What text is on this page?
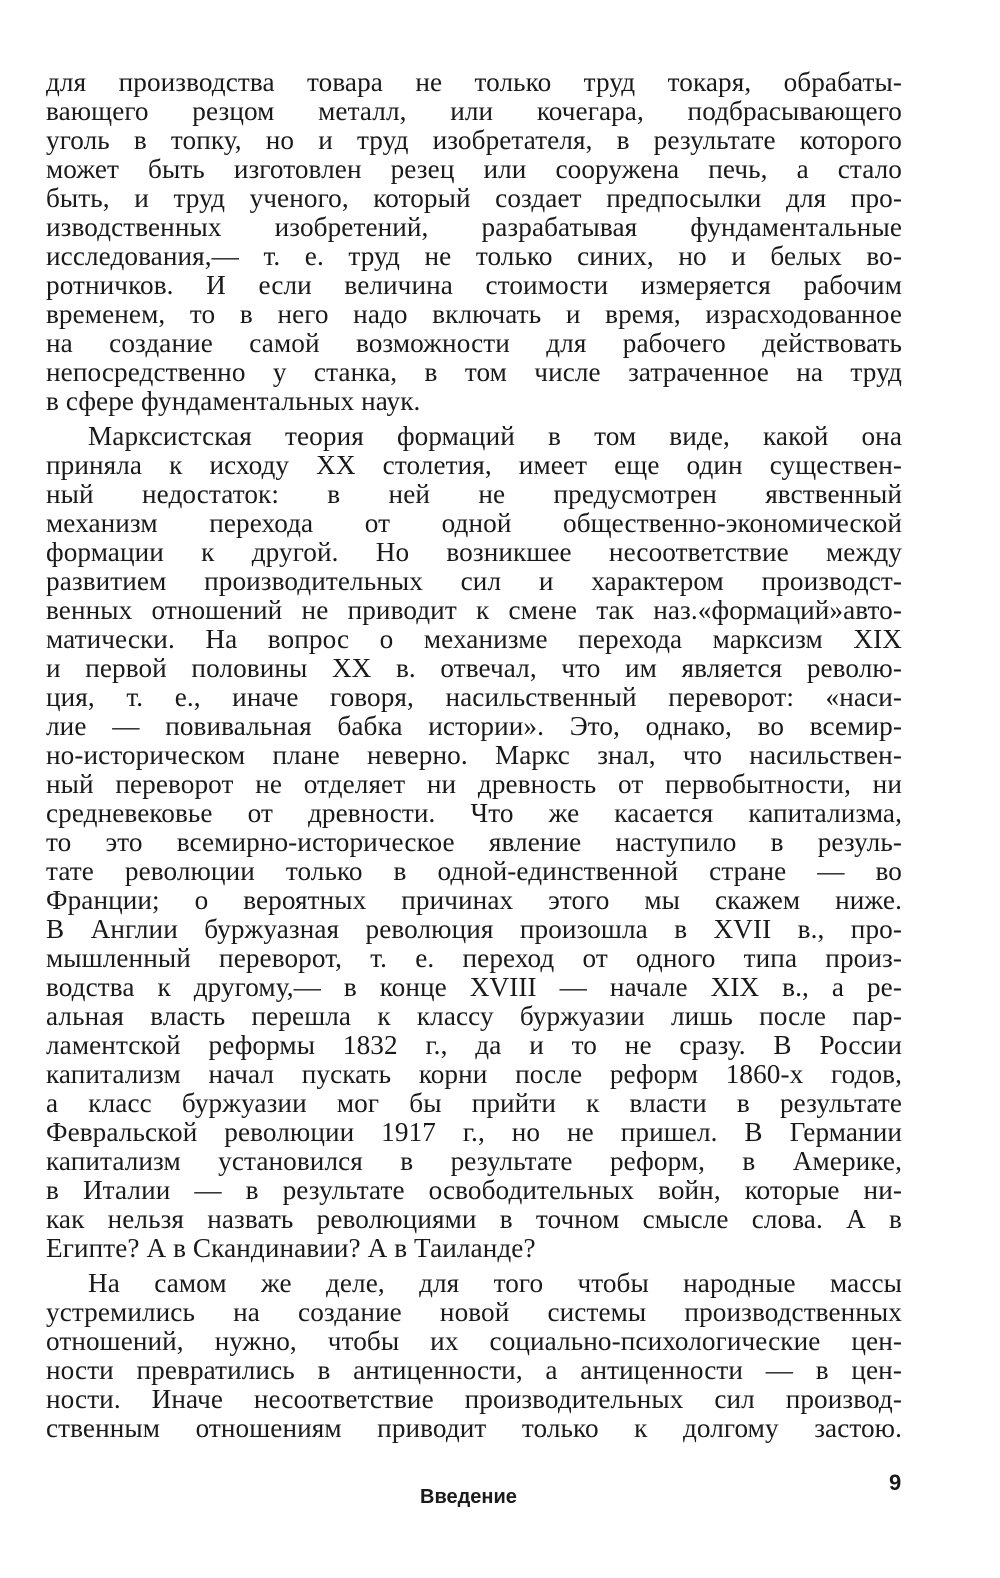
для производства товара не только труд токаря, обрабаты-
вающего резцом металл, или кочегара, подбрасывающего
уголь в топку, но и труд изобретателя, в результате которого
может быть изготовлен резец или сооружена печь, а стало
быть, и труд ученого, который создает предпосылки для про-
изводственных изобретений, разрабатывая фундаментальные
исследования,— т. е. труд не только синих, но и белых во-
ротничков. И если величина стоимости измеряется рабочим
временем, то в него надо включать и время, израсходованное
на создание самой возможности для рабочего действовать
непосредственно у станка, в том числе затраченное на труд
в сфере фундаментальных наук.
Марксистская теория формаций в том виде, какой она
приняла к исходу XX столетия, имеет еще один существен-
ный недостаток: в ней не предусмотрен явственный
механизм перехода от одной общественно-экономической
формации к другой. Но возникшее несоответствие между
развитием производительных сил и характером производст-
венных отношений не приводит к смене так наз.«формаций»авто-
матически. На вопрос о механизме перехода марксизм XIX
и первой половины XX в. отвечал, что им является револю-
ция, т. е., иначе говоря, насильственный переворот: «наси-
лие — повивальная бабка истории». Это, однако, во всемир-
но-историческом плане неверно. Маркс знал, что насильствен-
ный переворот не отделяет ни древность от первобытности, ни
средневековье от древности. Что же касается капитализма,
то это всемирно-историческое явление наступило в резуль-
тате революции только в одной-единственной стране — во
Франции; о вероятных причинах этого мы скажем ниже.
В Англии буржуазная революция произошла в XVII в., про-
мышленный переворот, т. е. переход от одного типа произ-
водства к другому,— в конце XVIII — начале XIX в., а ре-
альная власть перешла к классу буржуазии лишь после пар-
ламентской реформы 1832 г., да и то не сразу. В России
капитализм начал пускать корни после реформ 1860-х годов,
а класс буржуазии мог бы прийти к власти в результате
Февральской революции 1917 г., но не пришел. В Германии
капитализм установился в результате реформ, в Америке,
в Италии — в результате освободительных войн, которые ни-
как нельзя назвать революциями в точном смысле слова. А в
Египте? А в Скандинавии? А в Таиланде?
На самом же деле, для того чтобы народные массы
устремились на создание новой системы производственных
отношений, нужно, чтобы их социально-психологические цен-
ности превратились в антиценности, а антиценности — в цен-
ности. Иначе несоответствие производительных сил производ-
ственным отношениям приводит только к долгому застою.
Введение
9
